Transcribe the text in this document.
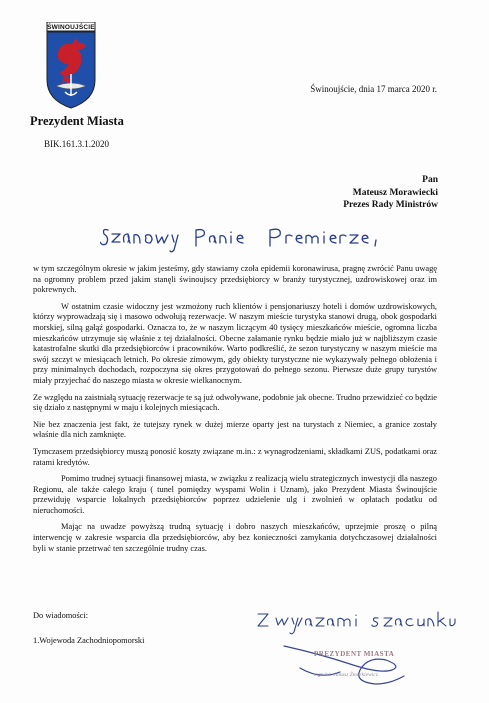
ŚWINOUJŚCIE
Prezydent Miasta
BIK.161.3.1.2020
Świnoujście, dnia 17 marca 2020 r.
Pan
Mateusz Morawiecki
Prezes Rady Ministrów

w tym szczególnym okresie w jakim jesteśmy, gdy stawiamy czoła epidemii koronawirusa, pragnę zwrócić Panu uwagę na ogromny problem przed jakim stanęli świnoujscy przedsiębiorcy w branży turystycznej, uzdrowiskowej oraz im pokrewnych.

W ostatnim czasie widoczny jest wzmożony ruch klientów i pensjonariuszy hoteli i domów uzdrowiskowych, którzy wyprowadzają się i masowo odwołują rezerwacje. W naszym mieście turystyka stanowi drugą, obok gospodarki morskiej, silną gałąź gospodarki. Oznacza to, że w naszym liczącym 40 tysięcy mieszkańców mieście, ogromna liczba mieszkańców utrzymuje się właśnie z tej działalności. Obecne załamanie rynku będzie miało już w najbliższym czasie katastrofalne skutki dla przedsiębiorców i pracowników. Warto podkreślić, że sezon turystyczny w naszym mieście ma swój szczyt w miesiącach letnich. Po okresie zimowym, gdy obiekty turystyczne nie wykazywały pełnego obłożenia i przy minimalnych dochodach, rozpoczyna się okres przygotowań do pełnego sezonu. Pierwsze duże grupy turystów miały przyjechać do naszego miasta w okresie wielkanocnym.

Ze względu na zaistniałą sytuację rezerwacje te są już odwoływane, podobnie jak obecne. Trudno przewidzieć co będzie się działo z następnymi w maju i kolejnych miesiącach.

Nie bez znaczenia jest fakt, że tutejszy rynek w dużej mierze oparty jest na turystach z Niemiec, a granice zostały właśnie dla nich zamknięte.

Tymczasem przedsiębiorcy muszą ponosić koszty związane m.in.: z wynagrodzeniami, składkami ZUS, podatkami oraz ratami kredytów.

Pomimo trudnej sytuacji finansowej miasta, w związku z realizacją wielu strategicznych inwestycji dla naszego Regionu, ale także całego kraju ( tunel pomiędzy wyspami Wolin i Uznam), jako Prezydent Miasta Świnoujście przewiduję wsparcie lokalnych przedsiębiorców poprzez udzielenie ulg i zwolnień w opłatach podatku od nieruchomości.

Mając na uwadze powyższą trudną sytuację i dobro naszych mieszkańców, uprzejmie proszę o pilną interwencję w zakresie wsparcia dla przedsiębiorców, aby bez konieczności zamykania dotychczasowej działalności byli w stanie przetrwać ten szczególnie trudny czas.

PREZYDENT MIASTA
mgr inż. Janusz Żmurkiewicz
Do wiadomości:
1.Wojewoda Zachodniopomorski
